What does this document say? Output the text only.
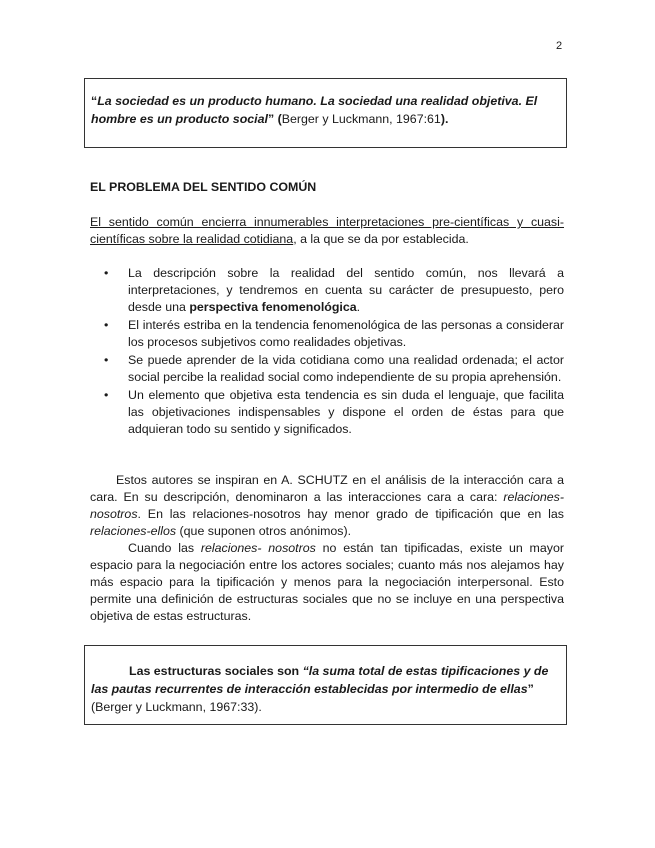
2
“La sociedad es un producto humano. La sociedad una realidad objetiva. El hombre es un producto social” (Berger y Luckmann, 1967:61).
EL PROBLEMA DEL SENTIDO COMÚN

El sentido común encierra innumerables interpretaciones pre-científicas y cuasi-científicas sobre la realidad cotidiana, a la que se da por establecida.

• La descripción sobre la realidad del sentido común, nos llevará a interpretaciones, y tendremos en cuenta su carácter de presupuesto, pero desde una perspectiva fenomenológica.
• El interés estriba en la tendencia fenomenológica de las personas a considerar los procesos subjetivos como realidades objetivas.
• Se puede aprender de la vida cotidiana como una realidad ordenada; el actor social percibe la realidad social como independiente de su propia aprehensión.
• Un elemento que objetiva esta tendencia es sin duda el lenguaje, que facilita las objetivaciones indispensables y dispone el orden de éstas para que adquieran todo su sentido y significados.
Estos autores se inspiran en A. SCHUTZ en el análisis de la interacción cara a cara. En su descripción, denominaron a las interacciones cara a cara: relaciones-nosotros. En las relaciones-nosotros hay menor grado de tipificación que en las relaciones-ellos (que suponen otros anónimos).
Cuando las relaciones- nosotros no están tan tipificadas, existe un mayor espacio para la negociación entre los actores sociales; cuanto más nos alejamos hay más espacio para la tipificación y menos para la negociación interpersonal. Esto permite una definición de estructuras sociales que no se incluye en una perspectiva objetiva de estas estructuras.
Las estructuras sociales son “la suma total de estas tipificaciones y de las pautas recurrentes de interacción establecidas por intermedio de ellas”
(Berger y Luckmann, 1967:33).
